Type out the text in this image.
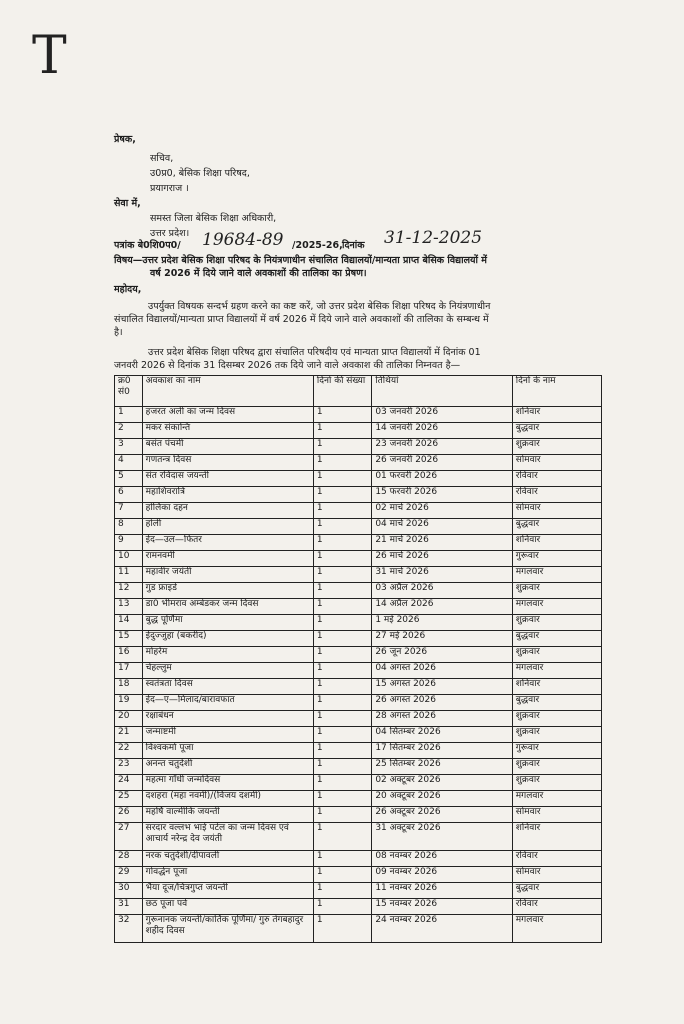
T
प्रेषक,
सचिव,
उ0प्र0, बेसिक शिक्षा परिषद,
प्रयागराज ।
सेवा में,
समस्त जिला बेसिक शिक्षा अधिकारी,
उत्तर प्रदेश।
पत्रांक बे0शि0प0/ 19684-89 /2025-26, दिनांक 31-12-2025
विषय—उत्तर प्रदेश बेसिक शिक्षा परिषद के नियंत्रणाधीन संचालित विद्यालयों/मान्यता प्राप्त बेसिक विद्यालयों में
वर्ष 2026 में दिये जाने वाले अवकाशों की तालिका का प्रेषण।
महोदय,
उपर्युक्त विषयक सन्दर्भ ग्रहण करने का कष्ट करें, जो उत्तर प्रदेश बेसिक शिक्षा परिषद के नियंत्रणाधीन
संचालित विद्यालयों/मान्यता प्राप्त विद्यालयों में वर्ष 2026 में दिये जाने वाले अवकाशों की तालिका के सम्बन्ध में
है।
उत्तर प्रदेश बेसिक शिक्षा परिषद द्वारा संचालित परिषदीय एवं मान्यता प्राप्त विद्यालयों में दिनांक 01
जनवरी 2026 से दिनांक 31 दिसम्बर 2026 तक दिये जाने वाले अवकाश की तालिका निम्नवत है—
क्र0 सं0	अवकाश का नाम	दिनो की संख्या	तिथियां	दिनों के नाम
1	हजरत अली का जन्म दिवस	1	03 जनवरी 2026	शनिवार
2	मकर संकान्ति	1	14 जनवरी 2026	बुद्धवार
3	बसंत पंचमी	1	23 जनवरी 2026	शुक्रवार
4	गणतन्त्र दिवस	1	26 जनवरी 2026	सोमवार
5	संत रविदास जयन्ती	1	01 फरवरी 2026	रविवार
6	महाशिवरात्रि	1	15 फरवरी 2026	रविवार
7	होलिका दहन	1	02 मार्च 2026	सोमवार
8	होली	1	04 मार्च 2026	बुद्धवार
9	ईद—उल—फितर	1	21 मार्च 2026	शनिवार
10	रामनवमी	1	26 मार्च 2026	गुरूवार
11	महावीर जयंती	1	31 मार्च 2026	मगलवार
12	गुड फ्राइडे	1	03 अप्रैल 2026	शुक्रवार
13	डा0 भीमराव अम्बेडकर जन्म दिवस	1	14 अप्रैल 2026	मगलवार
14	बुद्ध पूर्णिमा	1	1 मई 2026	शुक्रवार
15	ईदुज्जुहा (बकरीद)	1	27 मई 2026	बुद्धवार
16	मोहर्रम	1	26 जून 2026	शुक्रवार
17	चेहल्लुम	1	04 अगस्त 2026	मगलवार
18	स्वतंत्रता दिवस	1	15 अगस्त 2026	शनिवार
19	ईद—ए—मिलाद/बारावफात	1	26 अगस्त 2026	बुद्धवार
20	रक्षाबंधन	1	28 अगस्त 2026	शुक्रवार
21	जन्माष्टमी	1	04 सितम्बर 2026	शुक्रवार
22	विश्वकर्मा पूजा	1	17 सितम्बर 2026	गुरूवार
23	अनन्त चतुर्दशी	1	25 सितम्बर 2026	शुक्रवार
24	महत्मा गाँधी जन्मदिवस	1	02 अक्टूबर 2026	शुक्रवार
25	दशहरा (महा नवमी)/(विजय दशमी)	1	20 अक्टूबर 2026	मगलवार
26	महर्षि वाल्मीकि जयन्ती	1	26 अक्टूबर 2026	सोमवार
27	सरदार वल्लभ भाई पटेल का जन्म दिवस एवं आचार्य नरेन्द्र देव जयंती	1	31 अक्टूबर 2026	शनिवार
28	नरक चतुर्दशी/दीपावली	1	08 नवम्बर 2026	रविवार
29	गोवर्द्धन पूजा	1	09 नवम्बर 2026	सोमवार
30	भैया दूज/चित्रगुप्त जयन्ती	1	11 नवम्बर 2026	बुद्धवार
31	छठ पूजा पर्व	1	15 नवम्बर 2026	रविवार
32	गुरूनानक जयन्ती/कार्तिक पूर्णिमा/ गुरु तेगबहादुर शहीद दिवस	1	24 नवम्बर 2026	मगलवार
